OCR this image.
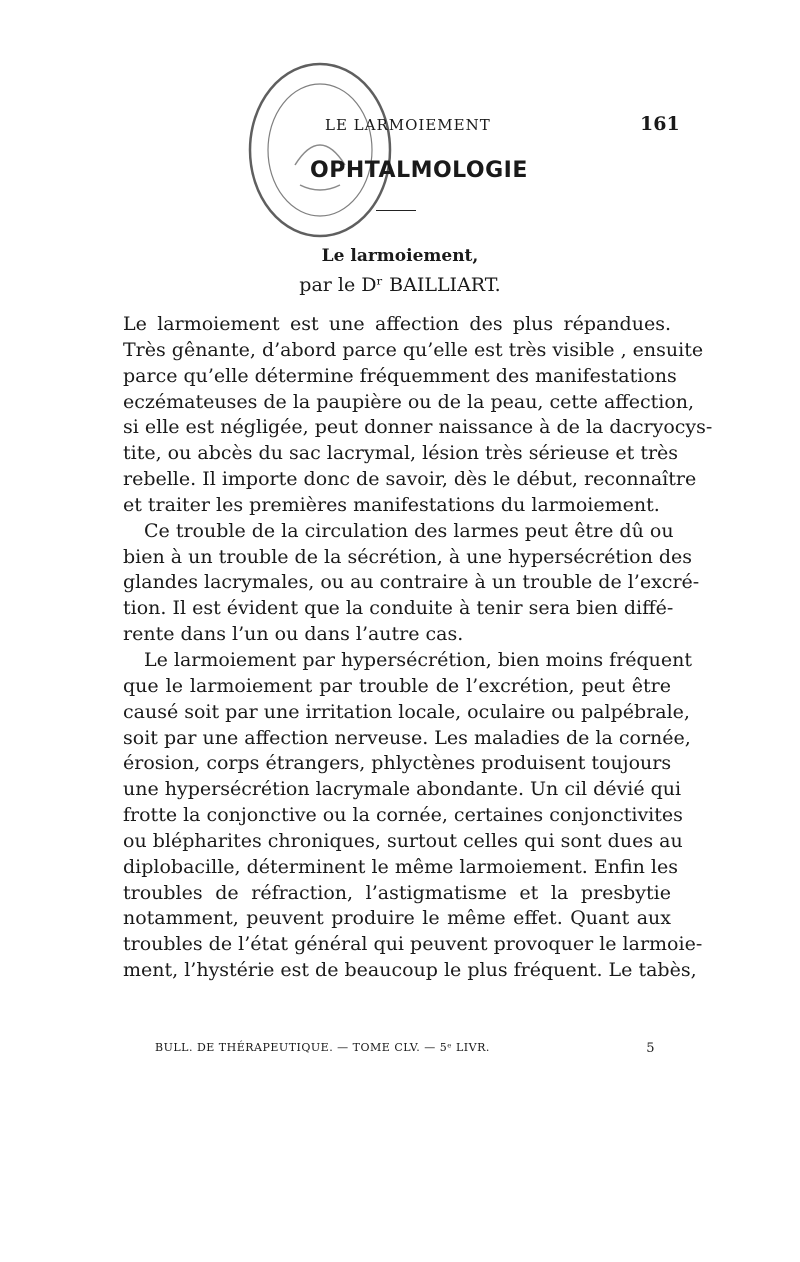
LE LARMOIEMENT	161
OPHTALMOLOGIE
Le larmoiement,
par le Dʳ BAILLIART.
Le larmoiement est une affection des plus répandues.
Très gênante, d’abord parce qu’elle est très visible , ensuite
parce qu’elle détermine fréquemment des manifestations
eczémateuses de la paupière ou de la peau, cette affection,
si elle est négligée, peut donner naissance à de la dacryocys-
tite, ou abcès du sac lacrymal, lésion très sérieuse et très
rebelle. Il importe donc de savoir, dès le début, reconnaître
et traiter les premières manifestations du larmoiement.
Ce trouble de la circulation des larmes peut être dû ou
bien à un trouble de la sécrétion, à une hypersécrétion des
glandes lacrymales, ou au contraire à un trouble de l’excré-
tion. Il est évident que la conduite à tenir sera bien diffé-
rente dans l’un ou dans l’autre cas.
Le larmoiement par hypersécrétion, bien moins fréquent
que le larmoiement par trouble de l’excrétion, peut être
causé soit par une irritation locale, oculaire ou palpébrale,
soit par une affection nerveuse. Les maladies de la cornée,
érosion, corps étrangers, phlyctènes produisent toujours
une hypersécrétion lacrymale abondante. Un cil dévié qui
frotte la conjonctive ou la cornée, certaines conjonctivites
ou blépharites chroniques, surtout celles qui sont dues au
diplobacille, déterminent le même larmoiement. Enfin les
troubles de réfraction, l’astigmatisme et la presbytie
notamment, peuvent produire le même effet. Quant aux
troubles de l’état général qui peuvent provoquer le larmoie-
ment, l’hystérie est de beaucoup le plus fréquent. Le tabès,
BULL. DE THÉRAPEUTIQUE. — TOME CLV. — 5ᵉ LIVR.	5
